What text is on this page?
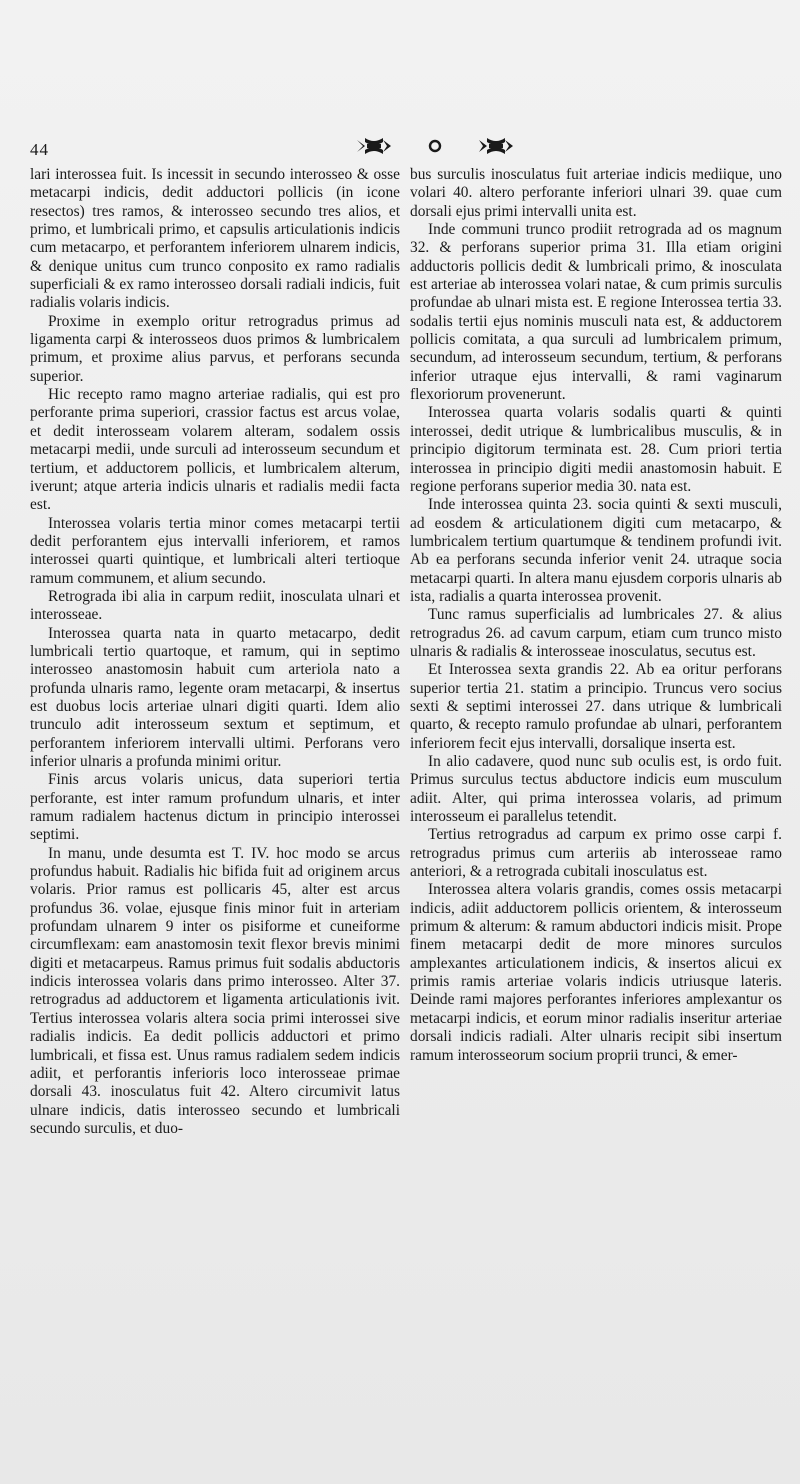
44

lari interossea fuit. Is incessit in secundo interosseo & osse metacarpi indicis, dedit adductori pollicis (in icone resectos) tres ramos, & interosseo secundo tres alios, et primo, et lumbricali primo, et capsulis articulationis indicis cum metacarpo, et perforantem inferiorem ulnarem indicis, & denique unitus cum trunco conposito ex ramo radialis superficiali & ex ramo interosseo dorsali radiali indicis, fuit radialis volaris indicis.

Proxime in exemplo oritur retrogradus primus ad ligamenta carpi & interosseos duos primos & lumbricalem primum, et proxime alius parvus, et perforans secunda superior.

Hic recepto ramo magno arteriae radialis, qui est pro perforante prima superiori, crassior factus est arcus volae, et dedit interosseam volarem alteram, sodalem ossis metacarpi medii, unde surculi ad interosseum secundum et tertium, et adductorem pollicis, et lumbricalem alterum, iverunt; atque arteria indicis ulnaris et radialis medii facta est.

Interossea volaris tertia minor comes metacarpi tertii dedit perforantem ejus intervalli inferiorem, et ramos interossei quarti quintique, et lumbricali alteri tertioque ramum communem, et alium secundo.

Retrograda ibi alia in carpum rediit, inosculata ulnari et interosseae.

Interossea quarta nata in quarto metacarpo, dedit lumbricali tertio quartoque, et ramum, qui in septimo interosseo anastomosin habuit cum arteriola nato a profunda ulnaris ramo, legente oram metacarpi, & insertus est duobus locis arteriae ulnari digiti quarti. Idem alio trunculo adit interosseum sextum et septimum, et perforantem inferiorem intervalli ultimi. Perforans vero inferior ulnaris a profunda minimi oritur.

Finis arcus volaris unicus, data superiori tertia perforante, est inter ramum profundum ulnaris, et inter ramum radialem hactenus dictum in principio interossei septimi.

In manu, unde desumta est T. IV. hoc modo se arcus profundus habuit. Radialis hic bifida fuit ad originem arcus volaris. Prior ramus est pollicaris 45, alter est arcus profundus 36. volae, ejusque finis minor fuit in arteriam profundam ulnarem 9 inter os pisiforme et cuneiforme circumflexam: eam anastomosin texit flexor brevis minimi digiti et metacarpeus. Ramus primus fuit sodalis abductoris indicis interossea volaris dans primo interosseo. Alter 37. retrogradus ad adductorem et ligamenta articulationis ivit. Tertius interossea volaris altera socia primi interossei sive radialis indicis. Ea dedit pollicis adductori et primo lumbricali, et fissa est. Unus ramus radialem sedem indicis adiit, et perforantis inferioris loco interosseae primae dorsali 43. inosculatus fuit 42. Altero circumivit latus ulnare indicis, datis interosseo secundo et lumbricali secundo surculis, et duo-

bus surculis inosculatus fuit arteriae indicis mediique, uno volari 40. altero perforante inferiori ulnari 39. quae cum dorsali ejus primi intervalli unita est.

Inde communi trunco prodiit retrograda ad os magnum 32. & perforans superior prima 31. Illa etiam origini adductoris pollicis dedit & lumbricali primo, & inosculata est arteriae ab interossea volari natae, & cum primis surculis profundae ab ulnari mista est. E regione Interossea tertia 33. sodalis tertii ejus nominis musculi nata est, & adductorem pollicis comitata, a qua surculi ad lumbricalem primum, secundum, ad interosseum secundum, tertium, & perforans inferior utraque ejus intervalli, & rami vaginarum flexoriorum provenerunt.

Interossea quarta volaris sodalis quarti & quinti interossei, dedit utrique & lumbricalibus musculis, & in principio digitorum terminata est. 28. Cum priori tertia interossea in principio digiti medii anastomosin habuit. E regione perforans superior media 30. nata est.

Inde interossea quinta 23. socia quinti & sexti musculi, ad eosdem & articulationem digiti cum metacarpo, & lumbricalem tertium quartumque & tendinem profundi ivit. Ab ea perforans secunda inferior venit 24. utraque socia metacarpi quarti. In altera manu ejusdem corporis ulnaris ab ista, radialis a quarta interossea provenit.

Tunc ramus superficialis ad lumbricales 27. & alius retrogradus 26. ad cavum carpum, etiam cum trunco misto ulnaris & radialis & interosseae inosculatus, secutus est.

Et Interossea sexta grandis 22. Ab ea oritur perforans superior tertia 21. statim a principio. Truncus vero socius sexti & septimi interossei 27. dans utrique & lumbricali quarto, & recepto ramulo profundae ab ulnari, perforantem inferiorem fecit ejus intervalli, dorsalique inserta est.

In alio cadavere, quod nunc sub oculis est, is ordo fuit. Primus surculus tectus abductore indicis eum musculum adiit. Alter, qui prima interossea volaris, ad primum interosseum ei parallelus tetendit.

Tertius retrogradus ad carpum ex primo osse carpi f. retrogradus primus cum arteriis ab interosseae ramo anteriori, & a retrograda cubitali inosculatus est.

Interossea altera volaris grandis, comes ossis metacarpi indicis, adiit adductorem pollicis orientem, & interosseum primum & alterum: & ramum abductori indicis misit. Prope finem metacarpi dedit de more minores surculos amplexantes articulationem indicis, & insertos alicui ex primis ramis arteriae volaris indicis utriusque lateris. Deinde rami majores perforantes inferiores amplexantur os metacarpi indicis, et eorum minor radialis inseritur arteriae dorsali indicis radiali. Alter ulnaris recipit sibi insertum ramum interosseorum socium proprii trunci, & emer-
